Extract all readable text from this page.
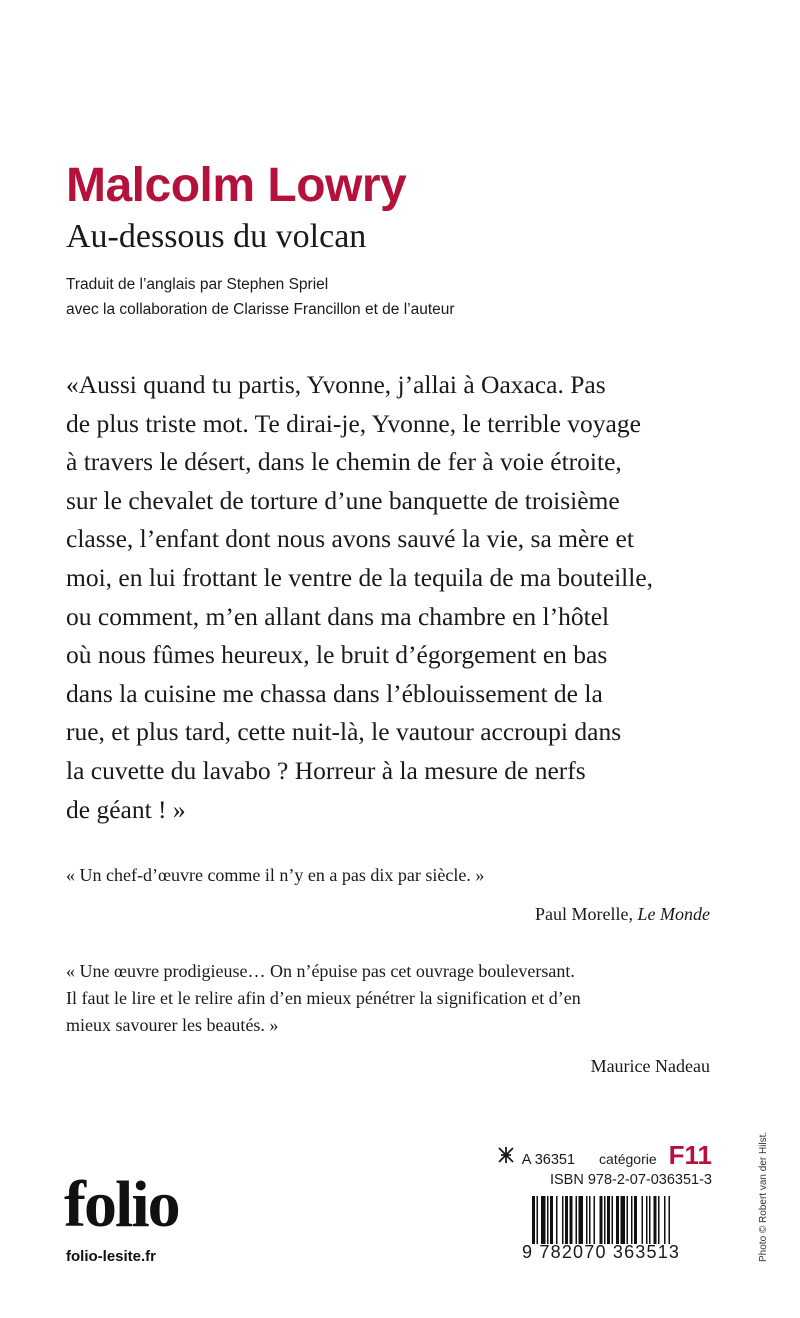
Malcolm Lowry
Au-dessous du volcan
Traduit de l’anglais par Stephen Spriel
avec la collaboration de Clarisse Francillon et de l’auteur
«Aussi quand tu partis, Yvonne, j’allai à Oaxaca. Pas
de plus triste mot. Te dirai-je, Yvonne, le terrible voyage
à travers le désert, dans le chemin de fer à voie étroite,
sur le chevalet de torture d’une banquette de troisième
classe, l’enfant dont nous avons sauvé la vie, sa mère et
moi, en lui frottant le ventre de la tequila de ma bouteille,
ou comment, m’en allant dans ma chambre en l’hôtel
où nous fûmes heureux, le bruit d’égorgement en bas
dans la cuisine me chassa dans l’éblouissement de la
rue, et plus tard, cette nuit-là, le vautour accroupi dans
la cuvette du lavabo ? Horreur à la mesure de nerfs
de géant ! »
« Un chef-d’œuvre comme il n’y en a pas dix par siècle. »
Paul Morelle, Le Monde
« Une œuvre prodigieuse… On n’épuise pas cet ouvrage bouleversant.
Il faut le lire et le relire afin d’en mieux pénétrer la signification et d’en
mieux savourer les beautés. »
Maurice Nadeau
A 36351 catégorie F11
ISBN 978-2-07-036351-3
folio
folio-lesite.fr	9 782070 363513	Photo © Robert van der Hilst.
